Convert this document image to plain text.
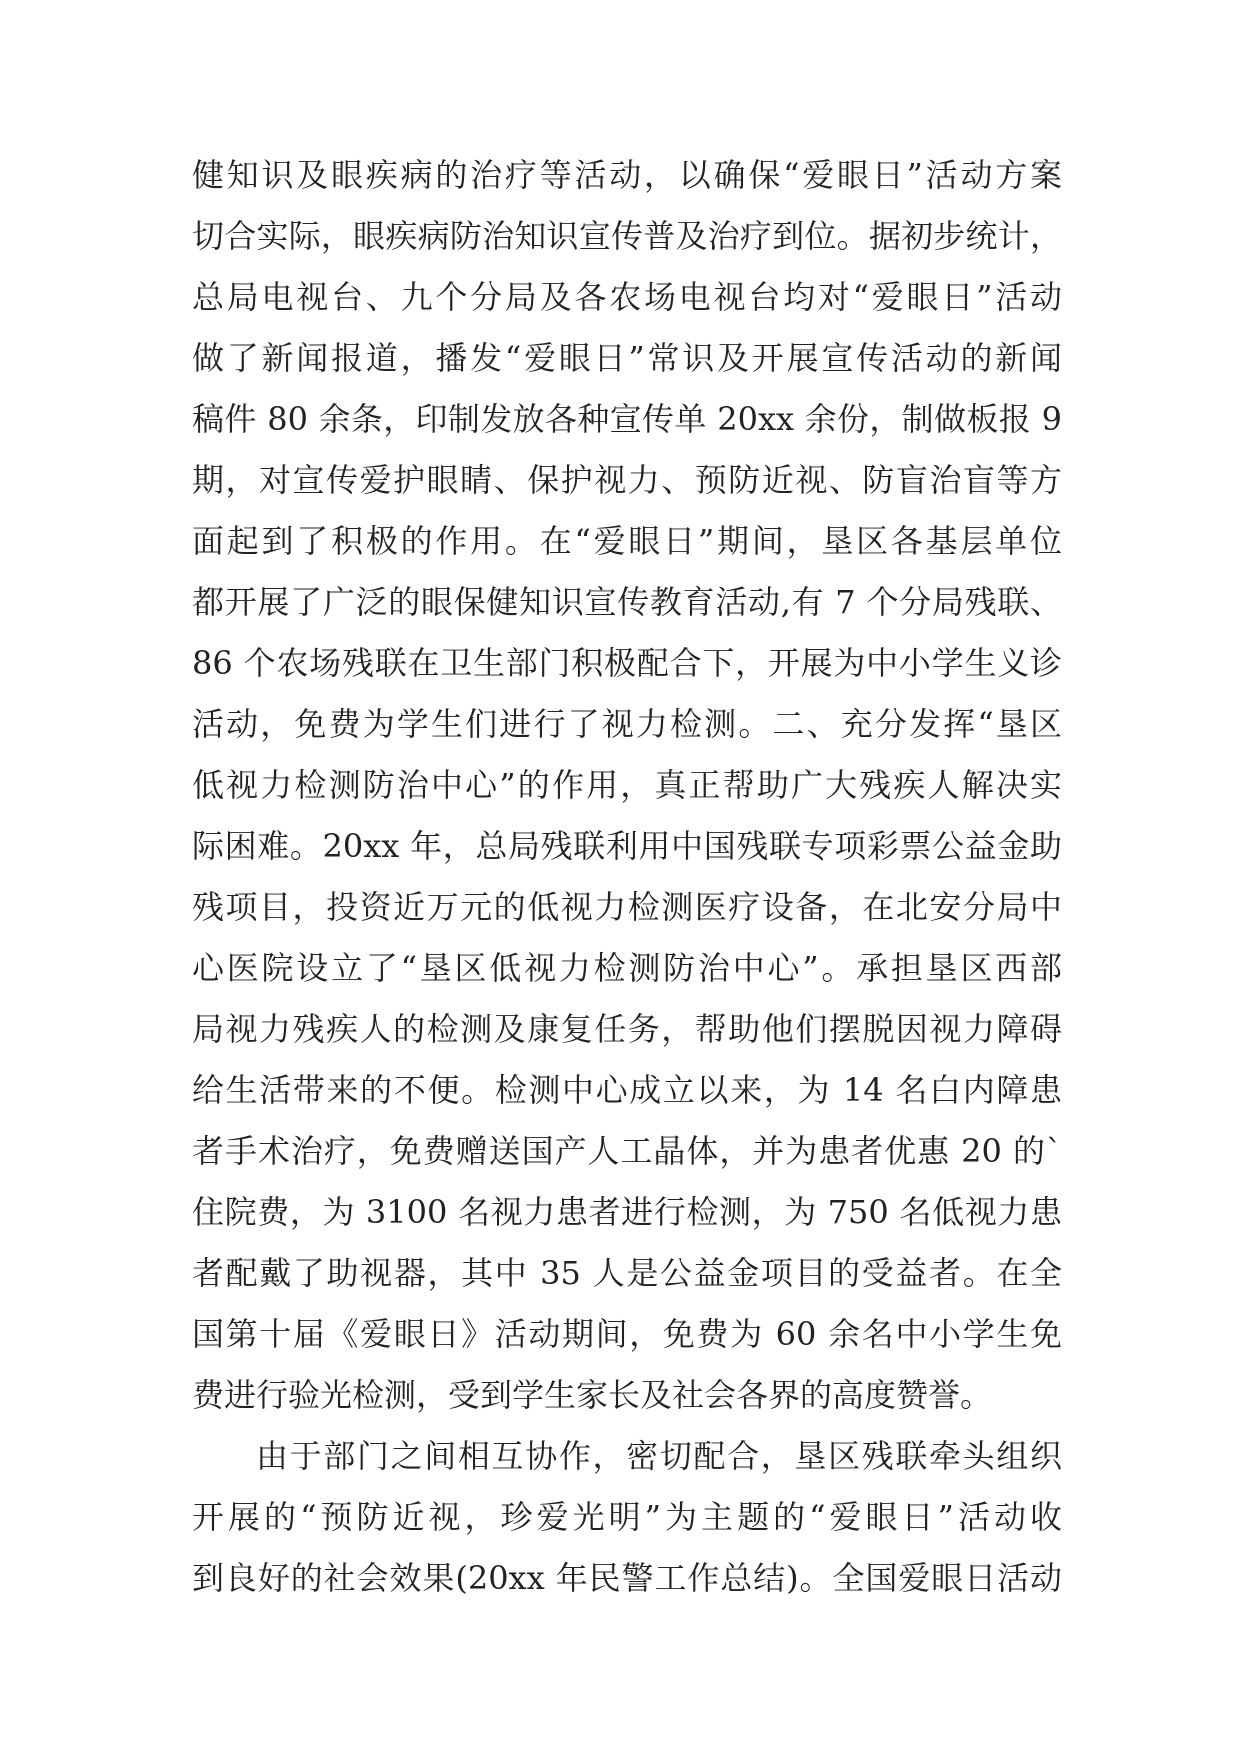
健知识及眼疾病的治疗等活动，以确保“爱眼日”活动方案
切合实际，眼疾病防治知识宣传普及治疗到位。据初步统计，
总局电视台、九个分局及各农场电视台均对“爱眼日”活动
做了新闻报道，播发“爱眼日”常识及开展宣传活动的新闻
稿件 80 余条，印制发放各种宣传单 20xx 余份，制做板报 9
期，对宣传爱护眼睛、保护视力、预防近视、防盲治盲等方
面起到了积极的作用。在“爱眼日”期间，垦区各基层单位
都开展了广泛的眼保健知识宣传教育活动,有 7 个分局残联、
86 个农场残联在卫生部门积极配合下，开展为中小学生义诊
活动，免费为学生们进行了视力检测。二、充分发挥“垦区
低视力检测防治中心”的作用，真正帮助广大残疾人解决实
际困难。20xx 年，总局残联利用中国残联专项彩票公益金助
残项目，投资近万元的低视力检测医疗设备，在北安分局中
心医院设立了“垦区低视力检测防治中心”。承担垦区西部
局视力残疾人的检测及康复任务，帮助他们摆脱因视力障碍
给生活带来的不便。检测中心成立以来，为 14 名白内障患
者手术治疗，免费赠送国产人工晶体，并为患者优惠 20 的`
住院费，为 3100 名视力患者进行检测，为 750 名低视力患
者配戴了助视器，其中 35 人是公益金项目的受益者。在全
国第十届《爱眼日》活动期间，免费为 60 余名中小学生免
费进行验光检测，受到学生家长及社会各界的高度赞誉。
由于部门之间相互协作，密切配合，垦区残联牵头组织
开展的“预防近视，珍爱光明”为主题的“爱眼日”活动收
到良好的社会效果(20xx 年民警工作总结)。全国爱眼日活动
